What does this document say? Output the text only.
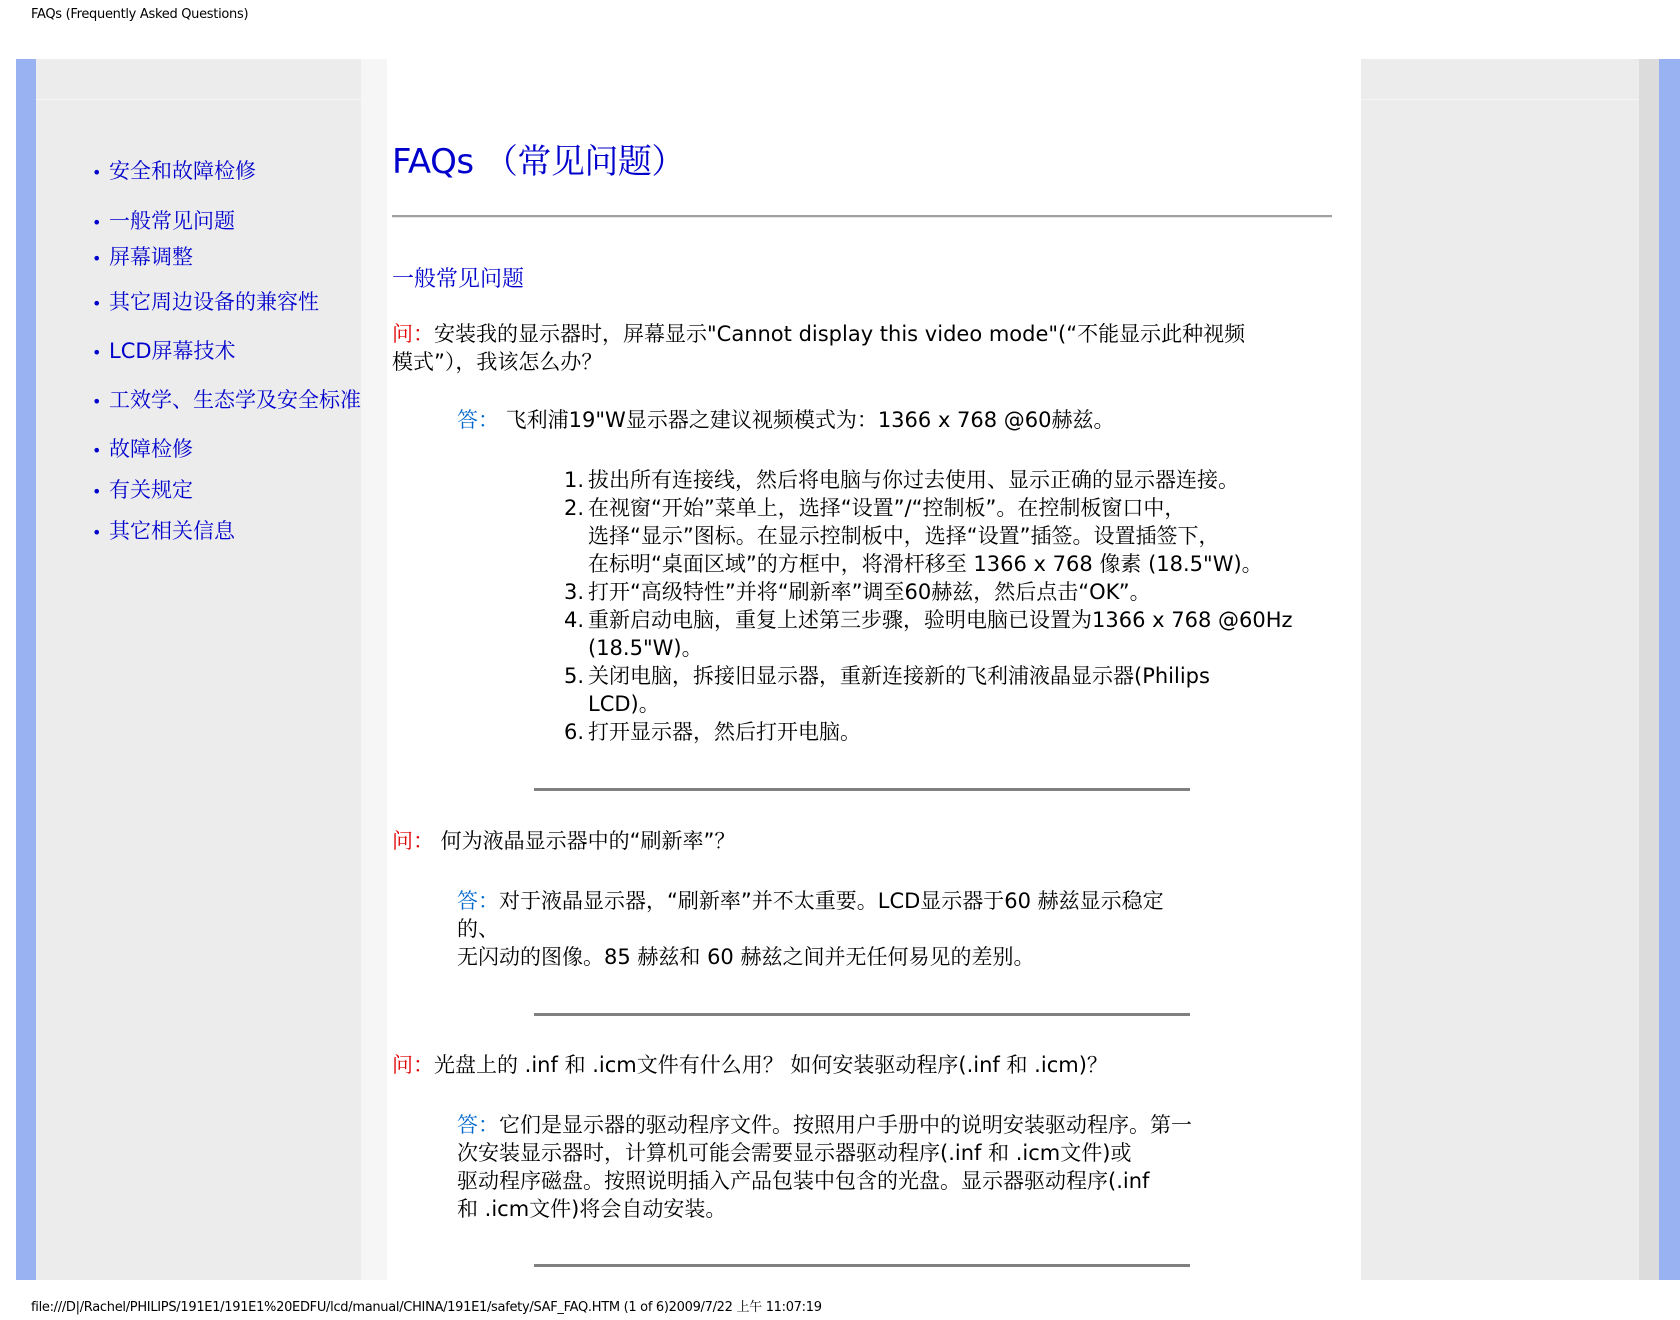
FAQs (Frequently Asked Questions)
• 安全和故障检修
• 一般常见问题
• 屏幕调整
• 其它周边设备的兼容性
• LCD屏幕技术
• 工效学、生态学及安全标准
• 故障检修
• 有关规定
• 其它相关信息
FAQs （常见问题）
一般常见问题
问：安装我的显示器时，屏幕显示"Cannot display this video mode"(“不能显示此种视频
模式”），我该怎么办？
答： 飞利浦19"W显示器之建议视频模式为：1366 x 768 @60赫兹。
1. 拔出所有连接线，然后将电脑与你过去使用、显示正确的显示器连接。
2. 在视窗“开始”菜单上，选择“设置”/“控制板”。在控制板窗口中，
选择“显示”图标。在显示控制板中，选择“设置”插签。设置插签下，
在标明“桌面区域”的方框中，将滑杆移至 1366 x 768 像素 (18.5"W)。
3. 打开“高级特性”并将“刷新率”调至60赫兹，然后点击“OK”。
4. 重新启动电脑，重复上述第三步骤，验明电脑已设置为1366 x 768 @60Hz
(18.5"W)。
5. 关闭电脑，拆接旧显示器，重新连接新的飞利浦液晶显示器(Philips
LCD)。
6. 打开显示器，然后打开电脑。
问： 何为液晶显示器中的“刷新率”？
答：对于液晶显示器，“刷新率”并不太重要。LCD显示器于60 赫兹显示稳定
的、
无闪动的图像。85 赫兹和 60 赫兹之间并无任何易见的差别。
问：光盘上的 .inf 和 .icm文件有什么用？ 如何安装驱动程序(.inf 和 .icm)？
答：它们是显示器的驱动程序文件。按照用户手册中的说明安装驱动程序。第一
次安装显示器时，计算机可能会需要显示器驱动程序(.inf 和 .icm文件)或
驱动程序磁盘。按照说明插入产品包装中包含的光盘。显示器驱动程序(.inf
和 .icm文件)将会自动安装。
file:///D|/Rachel/PHILIPS/191E1/191E1%20EDFU/lcd/manual/CHINA/191E1/safety/SAF_FAQ.HTM (1 of 6)2009/7/22 上午 11:07:19
